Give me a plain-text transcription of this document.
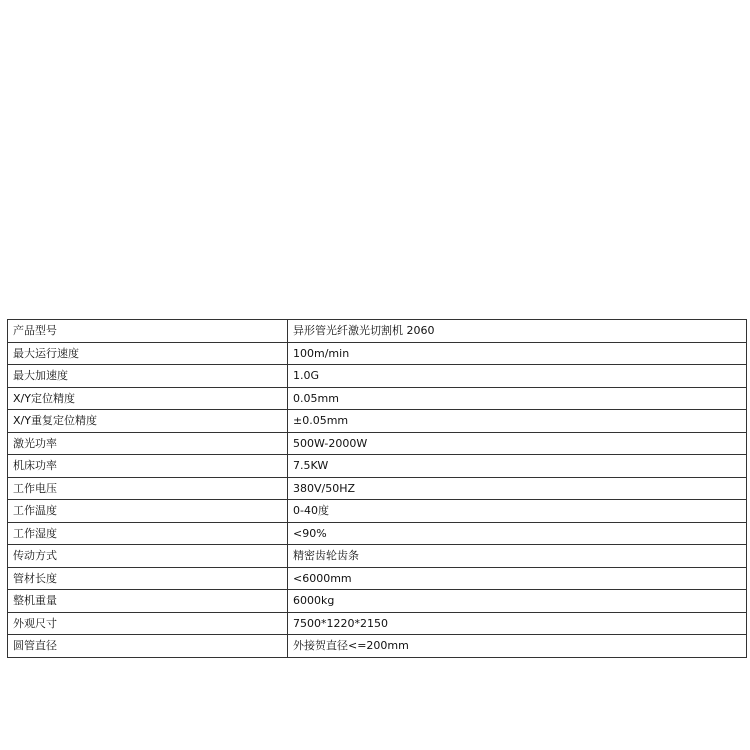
产品型号	异形管光纤激光切割机 2060
最大运行速度	100m/min
最大加速度	1.0G
X/Y定位精度	0.05mm
X/Y重复定位精度	±0.05mm
激光功率	500W-2000W
机床功率	7.5KW
工作电压	380V/50HZ
工作温度	0-40度
工作湿度	<90%
传动方式	精密齿轮齿条
管材长度	<6000mm
整机重量	6000kg
外观尺寸	7500*1220*2150
圆管直径	外接贺直径<=200mm
